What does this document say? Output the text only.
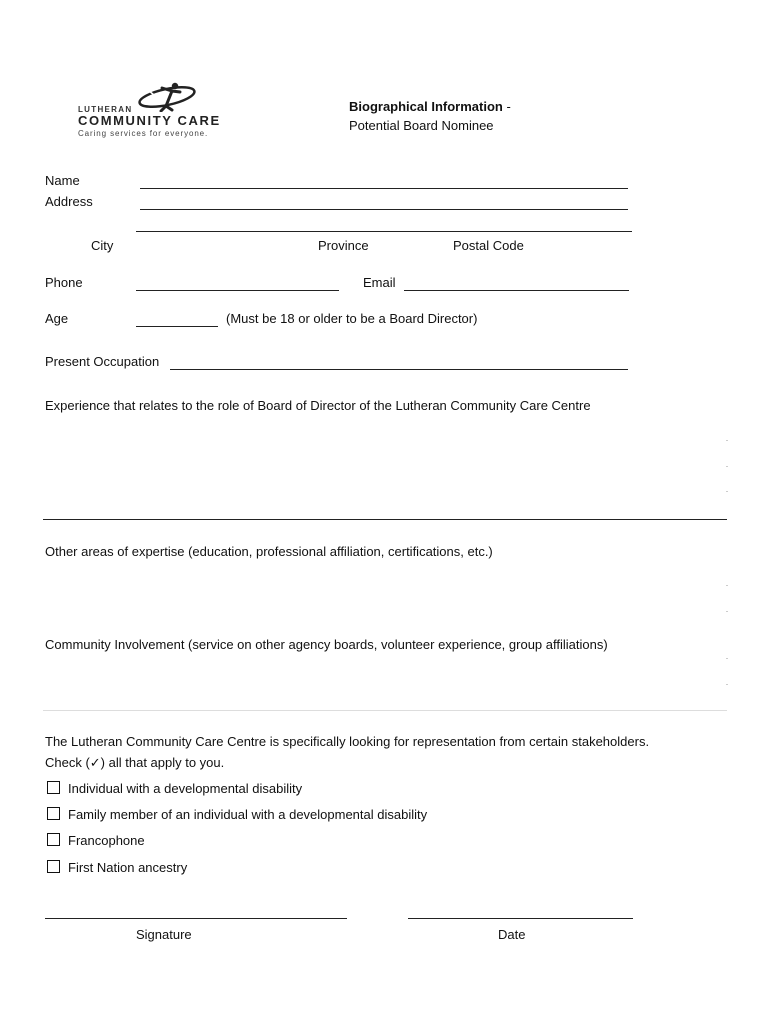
LUTHERAN
COMMUNITY CARE
Caring services for everyone.
Biographical Information -
Potential Board Nominee
Name
Address
City	Province	Postal Code
Phone	Email
Age	(Must be 18 or older to be a Board Director)
Present Occupation
Experience that relates to the role of Board of Director of the Lutheran Community Care Centre
Other areas of expertise (education, professional affiliation, certifications, etc.)
Community Involvement (service on other agency boards, volunteer experience, group affiliations)
The Lutheran Community Care Centre is specifically looking for representation from certain stakeholders.
Check (✓) all that apply to you.
Individual with a developmental disability
Family member of an individual with a developmental disability
Francophone
First Nation ancestry
Signature	Date
